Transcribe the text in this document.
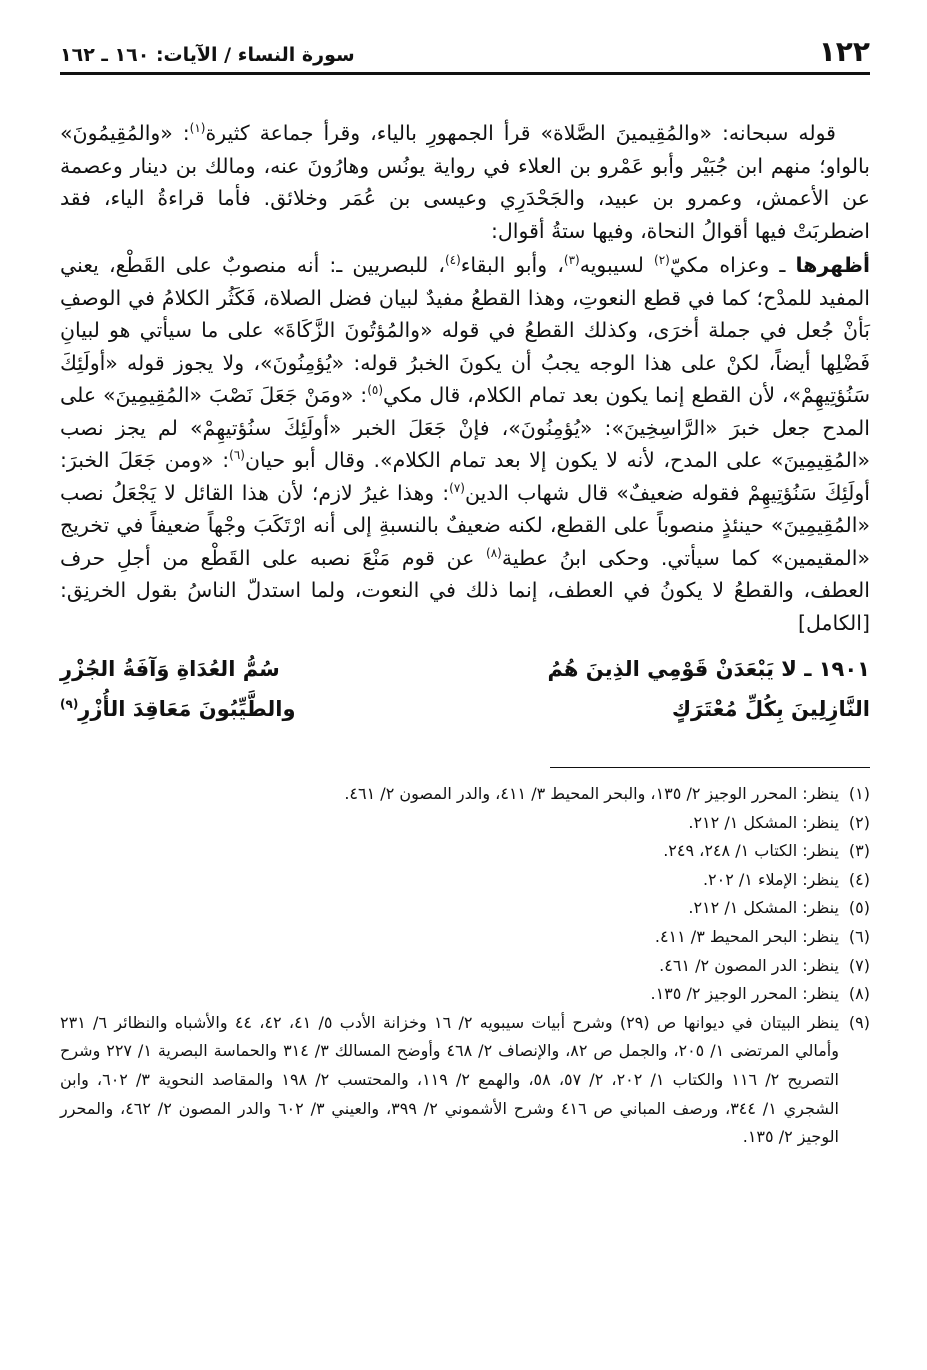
١٢٢
سورة النساء / الآيات: ١٦٠ ـ ١٦٢

قوله سبحانه: «والمُقِيمينَ الصَّلاة» قرأ الجمهورِ بالياء، وقرأ جماعة كثيرة$^{(١)}$: «والمُقِيمُونَ» بالواو؛ منهم ابن جُبَيْر وأبو عَمْرو بن العلاء في رواية يونُس وهارُونَ عنه، ومالك بن دينار وعصمة عن الأعمش، وعمرو بن عبيد، والجَحْدَرِي وعيسى بن عُمَر وخلائق. فأما قراءةُ الياء، فقد اضطربَتْ فيها أقوالُ النحاة، وفيها ستةُ أقوال:

أظهرها ـ وعزاه مكيّ$^{(٢)}$ لسيبويه$^{(٣)}$، وأبو البقاء$^{(٤)}$، للبصريين ـ: أنه منصوبٌ على القَطْع، يعني المفيد للمدْح؛ كما في قطع النعوتِ، وهذا القطعُ مفيدٌ لبيان فضل الصلاة، فَكَثُر الكلامُ في الوصفِ بَأنْ جُعل في جملة أخرَى، وكذلك القطعُ في قوله «والمُؤتُونَ الزَّكَاةَ» على ما سيأتي هو لبيانِ فَضْلِها أيضاً، لكنْ على هذا الوجه يجبُ أن يكونَ الخبرُ قوله: «يُؤمِنُونَ»، ولا يجوز قوله «أولَئِكَ سَنُؤتِيهِمْ»، لأن القطع إنما يكون بعد تمام الكلام، قال مكي$^{(٥)}$: «ومَنْ جَعَلَ نَصْبَ «المُقِيمِينَ» على المدح جعل خبرَ «الرَّاسِخِينَ»: «يُؤمِنُونَ»، فإنْ جَعَلَ الخبر «أولَئِكَ سنُؤتيهِمْ» لم يجز نصب «المُقِيمِينَ» على المدح، لأنه لا يكون إلا بعد تمام الكلام». وقال أبو حيان$^{(٦)}$: «ومن جَعَلَ الخبرَ: أولَئِكَ سَنُؤتِيهِمْ فقوله ضعيفٌ» قال شهاب الدين$^{(٧)}$: وهذا غيرُ لازم؛ لأن هذا القائل لا يَجْعَلُ نصب «المُقِيمِينَ» حينئذٍ منصوباً على القطع، لكنه ضعيفٌ بالنسبةِ إلى أنه ارْتَكَبَ وجْهاً ضعيفاً في تخريج «المقيمين» كما سيأتي. وحكى ابنُ عطية$^{(٨)}$ عن قوم مَنْعَ نصبه على القَطْع من أجلِ حرف العطف، والقطعُ لا يكونُ في العطف، إنما ذلك في النعوت، ولما استدلّ الناسُ بقول الخرنِق: [الكامل]

١٩٠١ ـ لا يَبْعَدَنْ قَوْمِي الذِينَ هُمُ
سُمُّ العُدَاةِ وَآفَةُ الجُزْرِ
النَّازِلِينَ بِكُلِّ مُعْتَرَكٍ
والطَّيِّبُونَ مَعَاقِدَ الأُزْرِ$^{(٩)}$
(١)
ينظر: المحرر الوجيز ٢/ ١٣٥، والبحر المحيط ٣/ ٤١١، والدر المصون ٢/ ٤٦١.
(٢)
ينظر: المشكل ١/ ٢١٢.
(٣)
ينظر: الكتاب ١/ ٢٤٨، ٢٤٩.
(٤)
ينظر: الإملاء ١/ ٢٠٢.
(٥)
ينظر: المشكل ١/ ٢١٢.
(٦)
ينظر: البحر المحيط ٣/ ٤١١.
(٧)
ينظر: الدر المصون ٢/ ٤٦١.
(٨)
ينظر: المحرر الوجيز ٢/ ١٣٥.
(٩)
ينظر البيتان في ديوانها ص (٢٩) وشرح أبيات سيبويه ٢/ ١٦ وخزانة الأدب ٥/ ٤١، ٤٢، ٤٤ والأشباه والنظائر ٦/ ٢٣١ وأمالي المرتضى ١/ ٢٠٥، والجمل ص ٨٢، والإنصاف ٢/ ٤٦٨ وأوضح المسالك ٣/ ٣١٤ والحماسة البصرية ١/ ٢٢٧ وشرح التصريح ٢/ ١١٦ والكتاب ١/ ٢٠٢، ٢/ ٥٧، ٥٨، والهمع ٢/ ١١٩، والمحتسب ٢/ ١٩٨ والمقاصد النحوية ٣/ ٦٠٢، وابن الشجري ١/ ٣٤٤، ورصف المباني ص ٤١٦ وشرح الأشموني ٢/ ٣٩٩، والعيني ٣/ ٦٠٢ والدر المصون ٢/ ٤٦٢، والمحرر الوجيز ٢/ ١٣٥.
